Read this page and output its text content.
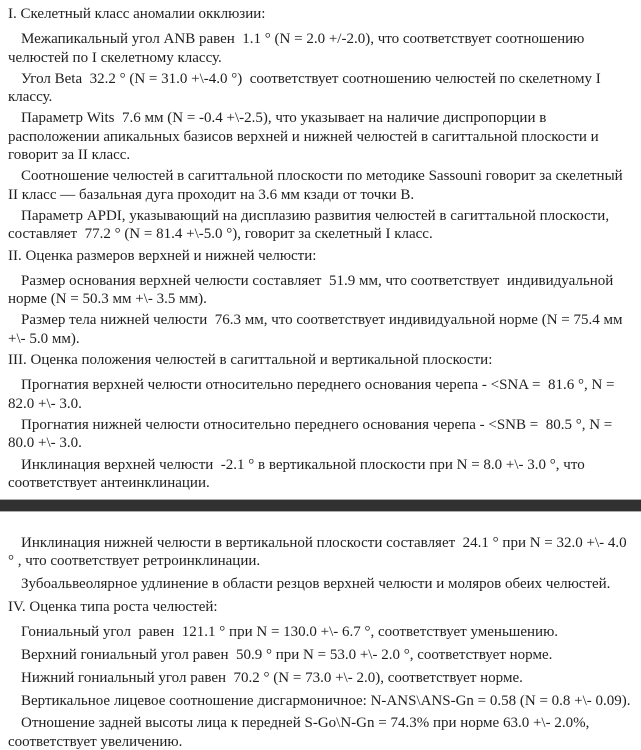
I. Скелетный класс аномалии окклюзии:

Межапикальный угол ANB равен  1.1 ° (N = 2.0 +/-2.0), что соответствует соотношению челюстей по I скелетному классу.

Угол Beta  32.2 ° (N = 31.0 +\-4.0 °)  соответствует соотношению челюстей по скелетному I классу.

Параметр Wits  7.6 мм (N = -0.4 +\-2.5), что указывает на наличие диспропорции в расположении апикальных базисов верхней и нижней челюстей в сагиттальной плоскости и говорит за II класс.

Соотношение челюстей в сагиттальной плоскости по методике Sassouni говорит за скелетный II класс — базальная дуга проходит на 3.6 мм кзади от точки B.

Параметр APDI, указывающий на дисплазию развития челюстей в сагиттальной плоскости, составляет  77.2 ° (N = 81.4 +\-5.0 °), говорит за скелетный I класс.

II. Оценка размеров верхней и нижней челюсти:

Размер основания верхней челюсти составляет  51.9 мм, что соответствует  индивидуальной норме (N = 50.3 мм +\- 3.5 мм).

Размер тела нижней челюсти  76.3 мм, что соответствует индивидуальной норме (N = 75.4 мм +\- 5.0 мм).

III. Оценка положения челюстей в сагиттальной и вертикальной плоскости:

Прогнатия верхней челюсти относительно переднего основания черепа - <SNA =  81.6 °, N = 82.0 +\- 3.0.

Прогнатия нижней челюсти относительно переднего основания черепа - <SNB =  80.5 °, N = 80.0 +\- 3.0.

Инклинация верхней челюсти  -2.1 ° в вертикальной плоскости при N = 8.0 +\- 3.0 °, что соответствует антеинклинации.

Инклинация нижней челюсти в вертикальной плоскости составляет  24.1 ° при N = 32.0 +\- 4.0 ° , что соответствует ретроинклинации.

Зубоальвеолярное удлинение в области резцов верхней челюсти и моляров обеих челюстей.

IV. Оценка типа роста челюстей:

Гониальный угол  равен  121.1 ° при N = 130.0 +\- 6.7 °, соответствует уменьшению.

Верхний гониальный угол равен  50.9 ° при N = 53.0 +\- 2.0 °, соответствует норме.

Нижний гониальный угол равен  70.2 ° (N = 73.0 +\- 2.0), соответствует норме.

Вертикальное лицевое соотношение дисгармоничное: N-ANS\ANS-Gn = 0.58 (N = 0.8 +\- 0.09).

Отношение задней высоты лица к передней S-Go\N-Gn = 74.3% при норме 63.0 +\- 2.0%, соответствует увеличению.
